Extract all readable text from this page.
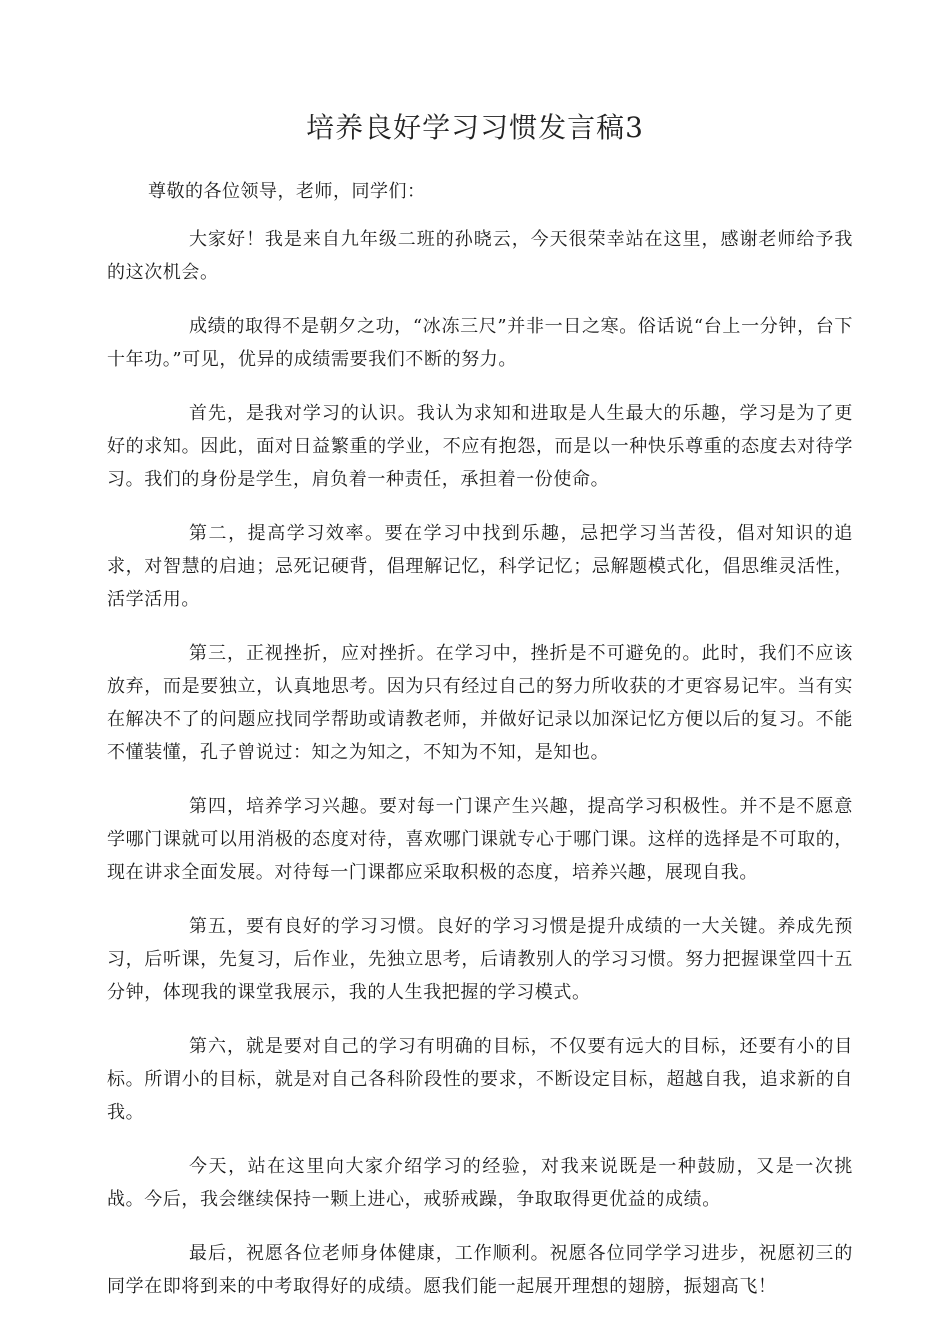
培养良好学习习惯发言稿3

尊敬的各位领导，老师，同学们：

大家好！我是来自九年级二班的孙晓云，今天很荣幸站在这里，感谢老师给予我的这次机会。

成绩的取得不是朝夕之功，“冰冻三尺”并非一日之寒。俗话说“台上一分钟，台下十年功。”可见，优异的成绩需要我们不断的努力。

首先，是我对学习的认识。我认为求知和进取是人生最大的乐趣，学习是为了更好的求知。因此，面对日益繁重的学业，不应有抱怨，而是以一种快乐尊重的态度去对待学习。我们的身份是学生，肩负着一种责任，承担着一份使命。

第二，提高学习效率。要在学习中找到乐趣，忌把学习当苦役，倡对知识的追求，对智慧的启迪；忌死记硬背，倡理解记忆，科学记忆；忌解题模式化，倡思维灵活性，活学活用。

第三，正视挫折，应对挫折。在学习中，挫折是不可避免的。此时，我们不应该放弃，而是要独立，认真地思考。因为只有经过自己的努力所收获的才更容易记牢。当有实在解决不了的问题应找同学帮助或请教老师，并做好记录以加深记忆方便以后的复习。不能不懂装懂，孔子曾说过：知之为知之，不知为不知，是知也。

第四，培养学习兴趣。要对每一门课产生兴趣，提高学习积极性。并不是不愿意学哪门课就可以用消极的态度对待，喜欢哪门课就专心于哪门课。这样的选择是不可取的，现在讲求全面发展。对待每一门课都应采取积极的态度，培养兴趣，展现自我。

第五，要有良好的学习习惯。良好的学习习惯是提升成绩的一大关键。养成先预习，后听课，先复习，后作业，先独立思考，后请教别人的学习习惯。努力把握课堂四十五分钟，体现我的课堂我展示，我的人生我把握的学习模式。

第六，就是要对自己的学习有明确的目标，不仅要有远大的目标，还要有小的目标。所谓小的目标，就是对自己各科阶段性的要求，不断设定目标，超越自我，追求新的自我。

今天，站在这里向大家介绍学习的经验，对我来说既是一种鼓励，又是一次挑战。今后，我会继续保持一颗上进心，戒骄戒躁，争取取得更优益的成绩。

最后，祝愿各位老师身体健康，工作顺利。祝愿各位同学学习进步，祝愿初三的同学在即将到来的中考取得好的成绩。愿我们能一起展开理想的翅膀，振翅高飞！
